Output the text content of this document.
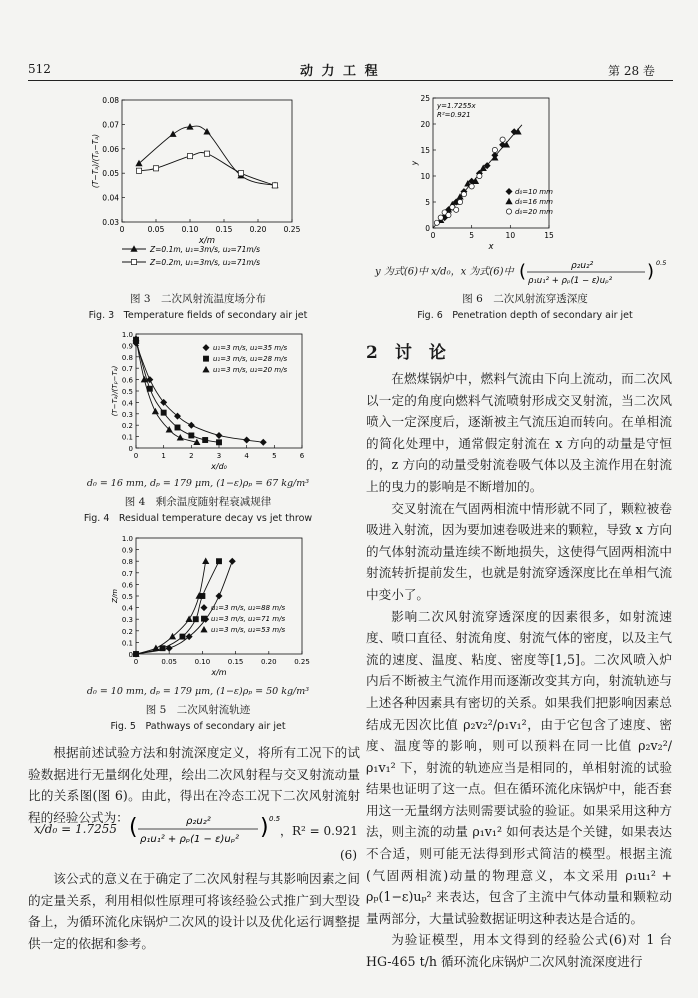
512	动 力 工 程	第 28 卷
0	0.05 0.10 0.15 0.20 0.25
0.03
0.04
0.05
0.06
0.07
0.08
x/m
(T−Tₐ)/(Tₚ−Tₐ)
Z=0.1m, u₁=3m/s, u₂=71m/s
Z=0.2m, u₁=3m/s, u₂=71m/s
图 3　二次风射流温度场分布
Fig. 3　Temperature fields of secondary air jet
0	1	2	3	4	5	6
0
0.1
0.2
0.3
0.4
0.5
0.6
0.7
0.8
0.9
1.0
x/d₀
(T−Tₐ)/(Tₚ−Tₐ)
u₁=3 m/s, u₂=35 m/s
u₁=3 m/s, u₂=28 m/s
u₁=3 m/s, u₂=20 m/s
d₀ = 16 mm, dₚ = 179 μm, (1−ε)ρₚ = 67 kg/m³
图 4　剩余温度随射程衰减规律
Fig. 4　Residual temperature decay vs jet throw
0	0.05	0.10	0.15	0.20	0.25
0
0.1
0.2
0.3
0.4
0.5
0.6
0.7
0.8
0.9
1.0
x/m
Z/m
u₁=3 m/s, u₂=88 m/s
u₁=3 m/s, u₂=71 m/s
u₁=3 m/s, u₂=53 m/s
d₀ = 10 mm, dₚ = 179 μm, (1−ε)ρₚ = 50 kg/m³
图 5　二次风射流轨迹
Fig. 5　Pathways of secondary air jet

根据前述试验方法和射流深度定义，将所有工况下的试验数据进行无量纲化处理，绘出二次风射程与交叉射流动量比的关系图(图 6)。由此，得出在冷态工况下二次风射流射程的经验公式为：

x/d₀ = 1.7255 (	ρ₂u₂²
ρ₁u₁² + ρₚ(1 − ε)uₚ² ) 0.5
，R² = 0.921
(6)

该公式的意义在于确定了二次风射程与其影响因素之间的定量关系，利用相似性原理可将该经验公式推广到大型设备上，为循环流化床锅炉二次风的设计以及优化运行调整提供一定的依据和参考。

0	5	10	15
0
5
10
15
20
25
x
y
y=1.7255x
R²=0.921
d₀=10 mm
d₀=16 mm
d₀=20 mm
y 为式(6)中 x/d₀，x 为式(6)中 (	ρ₂u₂²
ρ₁u₁² + ρₚ(1 − ε)uₚ² ) 0.5
图 6　二次风射流穿透深度
Fig. 6　Penetration depth of secondary air jet
2　讨　论

在燃煤锅炉中，燃料气流由下向上流动，而二次风以一定的角度向燃料气流喷射形成交叉射流，当二次风喷入一定深度后，逐渐被主气流压迫而转向。在单相流的简化处理中，通常假定射流在 x 方向的动量是守恒的，z 方向的动量受射流卷吸气体以及主流作用在射流上的曳力的影响是不断增加的。

交叉射流在气固两相流中情形就不同了，颗粒被卷吸进入射流，因为要加速卷吸进来的颗粒，导致 x 方向的气体射流动量连续不断地损失，这使得气固两相流中射流转折提前发生，也就是射流穿透深度比在单相气流中变小了。

影响二次风射流穿透深度的因素很多，如射流速度、喷口直径、射流角度、射流气体的密度，以及主气流的速度、温度、粘度、密度等[1,5]。二次风喷入炉内后不断被主气流作用而逐渐改变其方向，射流轨迹与上述各种因素具有密切的关系。如果我们把影响因素总结成无因次比值 ρ₂v₂²/ρ₁v₁²，由于它包含了速度、密度、温度等的影响，则可以预料在同一比值 ρ₂v₂²/ρ₁v₁² 下，射流的轨迹应当是相同的，单相射流的试验结果也证明了这一点。但在循环流化床锅炉中，能否套用这一无量纲方法则需要试验的验证。如果采用这种方法，则主流的动量 ρ₁v₁² 如何表达是个关键，如果表达不合适，则可能无法得到形式简洁的模型。根据主流(气固两相流)动量的物理意义，本文采用 ρ₁u₁² + ρₚ(1−ε)uₚ² 来表达，包含了主流中气体动量和颗粒动量两部分，大量试验数据证明这种表达是合适的。

为验证模型，用本文得到的经验公式(6)对 1 台 HG-465 t/h 循环流化床锅炉二次风射流深度进行
